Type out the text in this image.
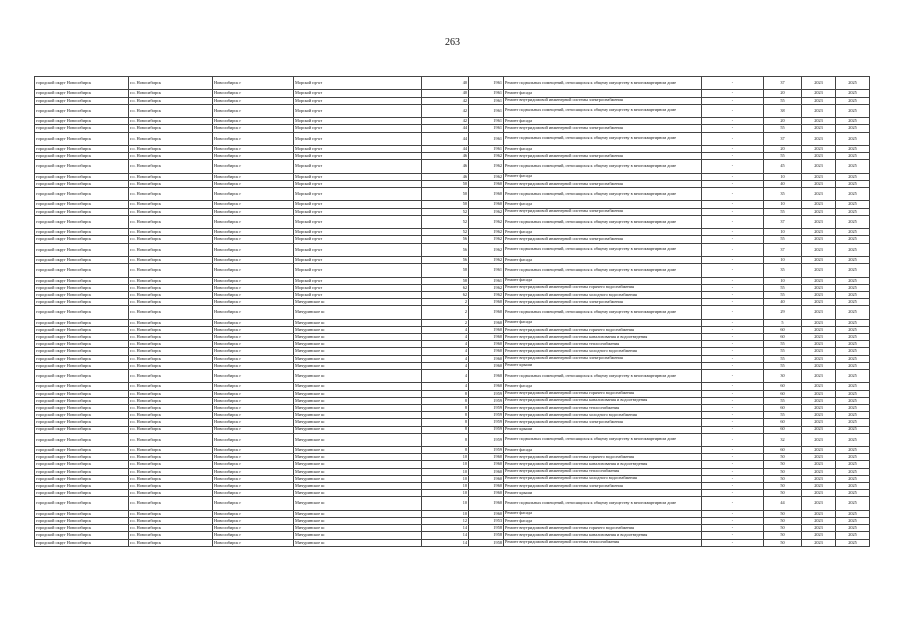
263
городской округ Новосибирск	г.о. Новосибирск	Новосибирск г	Морской пр-кт	40	1961	Ремонт подвальных помещений, относящихся к общему имуществу в многоквартирном доме	-	37	2023	2025
городской округ Новосибирск	г.о. Новосибирск	Новосибирск г	Морской пр-кт	40	1961	Ремонт фасада	-	20	2023	2025
городской округ Новосибирск	г.о. Новосибирск	Новосибирск г	Морской пр-кт	42	1961	Ремонт внутридомовой инженерной системы электроснабжения	-	55	2023	2025
городской округ Новосибирск	г.о. Новосибирск	Новосибирск г	Морской пр-кт	42	1961	Ремонт подвальных помещений, относящихся к общему имуществу в многоквартирном доме	-	38	2023	2025
городской округ Новосибирск	г.о. Новосибирск	Новосибирск г	Морской пр-кт	42	1961	Ремонт фасада	-	20	2023	2025
городской округ Новосибирск	г.о. Новосибирск	Новосибирск г	Морской пр-кт	44	1961	Ремонт внутридомовой инженерной системы электроснабжения	-	55	2023	2025
городской округ Новосибирск	г.о. Новосибирск	Новосибирск г	Морской пр-кт	44	1961	Ремонт подвальных помещений, относящихся к общему имуществу в многоквартирном доме	-	37	2023	2025
городской округ Новосибирск	г.о. Новосибирск	Новосибирск г	Морской пр-кт	44	1961	Ремонт фасада	-	20	2023	2025
городской округ Новосибирск	г.о. Новосибирск	Новосибирск г	Морской пр-кт	46	1962	Ремонт внутридомовой инженерной системы электроснабжения	-	55	2023	2025
городской округ Новосибирск	г.о. Новосибирск	Новосибирск г	Морской пр-кт	46	1962	Ремонт подвальных помещений, относящихся к общему имуществу в многоквартирном доме	-	45	2023	2025
городской округ Новосибирск	г.о. Новосибирск	Новосибирск г	Морской пр-кт	46	1962	Ремонт фасада	-	10	2023	2025
городской округ Новосибирск	г.о. Новосибирск	Новосибирск г	Морской пр-кт	50	1960	Ремонт внутридомовой инженерной системы электроснабжения	-	40	2023	2025
городской округ Новосибирск	г.о. Новосибирск	Новосибирск г	Морской пр-кт	50	1960	Ремонт подвальных помещений, относящихся к общему имуществу в многоквартирном доме	-	35	2023	2025
городской округ Новосибирск	г.о. Новосибирск	Новосибирск г	Морской пр-кт	50	1960	Ремонт фасада	-	10	2023	2025
городской округ Новосибирск	г.о. Новосибирск	Новосибирск г	Морской пр-кт	52	1962	Ремонт внутридомовой инженерной системы электроснабжения	-	55	2023	2025
городской округ Новосибирск	г.о. Новосибирск	Новосибирск г	Морской пр-кт	52	1962	Ремонт подвальных помещений, относящихся к общему имуществу в многоквартирном доме	-	37	2023	2025
городской округ Новосибирск	г.о. Новосибирск	Новосибирск г	Морской пр-кт	52	1962	Ремонт фасада	-	10	2023	2025
городской округ Новосибирск	г.о. Новосибирск	Новосибирск г	Морской пр-кт	56	1962	Ремонт внутридомовой инженерной системы электроснабжения	-	55	2023	2025
городской округ Новосибирск	г.о. Новосибирск	Новосибирск г	Морской пр-кт	56	1962	Ремонт подвальных помещений, относящихся к общему имуществу в многоквартирном доме	-	37	2023	2025
городской округ Новосибирск	г.о. Новосибирск	Новосибирск г	Морской пр-кт	56	1962	Ремонт фасада	-	10	2023	2025
городской округ Новосибирск	г.о. Новосибирск	Новосибирск г	Морской пр-кт	58	1961	Ремонт подвальных помещений, относящихся к общему имуществу в многоквартирном доме	-	35	2023	2025
городской округ Новосибирск	г.о. Новосибирск	Новосибирск г	Морской пр-кт	58	1961	Ремонт фасада	-	10	2023	2025
городской округ Новосибирск	г.о. Новосибирск	Новосибирск г	Морской пр-кт	62	1962	Ремонт внутридомовой инженерной системы горячего водоснабжения	-	55	2023	2025
городской округ Новосибирск	г.о. Новосибирск	Новосибирск г	Морской пр-кт	62	1962	Ремонт внутридомовой инженерной системы холодного водоснабжения	-	55	2023	2025
городской округ Новосибирск	г.о. Новосибирск	Новосибирск г	Мичуринское ш	2	1960	Ремонт внутридомовой инженерной системы электроснабжения	-	40	2023	2025
городской округ Новосибирск	г.о. Новосибирск	Новосибирск г	Мичуринское ш	2	1960	Ремонт подвальных помещений, относящихся к общему имуществу в многоквартирном доме	-	29	2023	2025
городской округ Новосибирск	г.о. Новосибирск	Новосибирск г	Мичуринское ш	2	1960	Ремонт фасада	-	5	2023	2025
городской округ Новосибирск	г.о. Новосибирск	Новосибирск г	Мичуринское ш	4	1960	Ремонт внутридомовой инженерной системы горячего водоснабжения	-	60	2023	2025
городской округ Новосибирск	г.о. Новосибирск	Новосибирск г	Мичуринское ш	4	1960	Ремонт внутридомовой инженерной системы канализования и водоотведения	-	60	2023	2025
городской округ Новосибирск	г.о. Новосибирск	Новосибирск г	Мичуринское ш	4	1960	Ремонт внутридомовой инженерной системы теплоснабжения	-	55	2023	2025
городской округ Новосибирск	г.о. Новосибирск	Новосибирск г	Мичуринское ш	4	1960	Ремонт внутридомовой инженерной системы холодного водоснабжения	-	55	2023	2025
городской округ Новосибирск	г.о. Новосибирск	Новосибирск г	Мичуринское ш	4	1960	Ремонт внутридомовой инженерной системы электроснабжения	-	55	2023	2025
городской округ Новосибирск	г.о. Новосибирск	Новосибирск г	Мичуринское ш	4	1960	Ремонт крыши	-	55	2023	2025
городской округ Новосибирск	г.о. Новосибирск	Новосибирск г	Мичуринское ш	4	1960	Ремонт подвальных помещений, относящихся к общему имуществу в многоквартирном доме	-	30	2023	2025
городской округ Новосибирск	г.о. Новосибирск	Новосибирск г	Мичуринское ш	4	1960	Ремонт фасада	-	60	2023	2025
городской округ Новосибирск	г.о. Новосибирск	Новосибирск г	Мичуринское ш	8	1959	Ремонт внутридомовой инженерной системы горячего водоснабжения	-	60	2023	2025
городской округ Новосибирск	г.о. Новосибирск	Новосибирск г	Мичуринское ш	8	1959	Ремонт внутридомовой инженерной системы канализования и водоотведения	-	55	2023	2025
городской округ Новосибирск	г.о. Новосибирск	Новосибирск г	Мичуринское ш	8	1959	Ремонт внутридомовой инженерной системы теплоснабжения	-	60	2023	2025
городской округ Новосибирск	г.о. Новосибирск	Новосибирск г	Мичуринское ш	8	1959	Ремонт внутридомовой инженерной системы холодного водоснабжения	-	55	2023	2025
городской округ Новосибирск	г.о. Новосибирск	Новосибирск г	Мичуринское ш	8	1959	Ремонт внутридомовой инженерной системы электроснабжения	-	60	2023	2025
городской округ Новосибирск	г.о. Новосибирск	Новосибирск г	Мичуринское ш	8	1959	Ремонт крыши	-	60	2023	2025
городской округ Новосибирск	г.о. Новосибирск	Новосибирск г	Мичуринское ш	8	1959	Ремонт подвальных помещений, относящихся к общему имуществу в многоквартирном доме	-	32	2023	2025
городской округ Новосибирск	г.о. Новосибирск	Новосибирск г	Мичуринское ш	8	1959	Ремонт фасада	-	60	2023	2025
городской округ Новосибирск	г.о. Новосибирск	Новосибирск г	Мичуринское ш	10	1960	Ремонт внутридомовой инженерной системы горячего водоснабжения	-	50	2023	2025
городской округ Новосибирск	г.о. Новосибирск	Новосибирск г	Мичуринское ш	10	1960	Ремонт внутридомовой инженерной системы канализования и водоотведения	-	50	2023	2025
городской округ Новосибирск	г.о. Новосибирск	Новосибирск г	Мичуринское ш	10	1960	Ремонт внутридомовой инженерной системы теплоснабжения	-	50	2023	2025
городской округ Новосибирск	г.о. Новосибирск	Новосибирск г	Мичуринское ш	10	1960	Ремонт внутридомовой инженерной системы холодного водоснабжения	-	50	2023	2025
городской округ Новосибирск	г.о. Новосибирск	Новосибирск г	Мичуринское ш	10	1960	Ремонт внутридомовой инженерной системы электроснабжения	-	50	2023	2025
городской округ Новосибирск	г.о. Новосибирск	Новосибирск г	Мичуринское ш	10	1960	Ремонт крыши	-	50	2023	2025
городской округ Новосибирск	г.о. Новосибирск	Новосибирск г	Мичуринское ш	10	1960	Ремонт подвальных помещений, относящихся к общему имуществу в многоквартирном доме	-	44	2023	2025
городской округ Новосибирск	г.о. Новосибирск	Новосибирск г	Мичуринское ш	10	1960	Ремонт фасада	-	50	2023	2025
городской округ Новосибирск	г.о. Новосибирск	Новосибирск г	Мичуринское ш	12	1953	Ремонт фасада	-	50	2023	2025
городской округ Новосибирск	г.о. Новосибирск	Новосибирск г	Мичуринское ш	14	1958	Ремонт внутридомовой инженерной системы горячего водоснабжения	-	50	2023	2025
городской округ Новосибирск	г.о. Новосибирск	Новосибирск г	Мичуринское ш	14	1958	Ремонт внутридомовой инженерной системы канализования и водоотведения	-	50	2023	2025
городской округ Новосибирск	г.о. Новосибирск	Новосибирск г	Мичуринское ш	14	1958	Ремонт внутридомовой инженерной системы теплоснабжения	-	50	2023	2025
